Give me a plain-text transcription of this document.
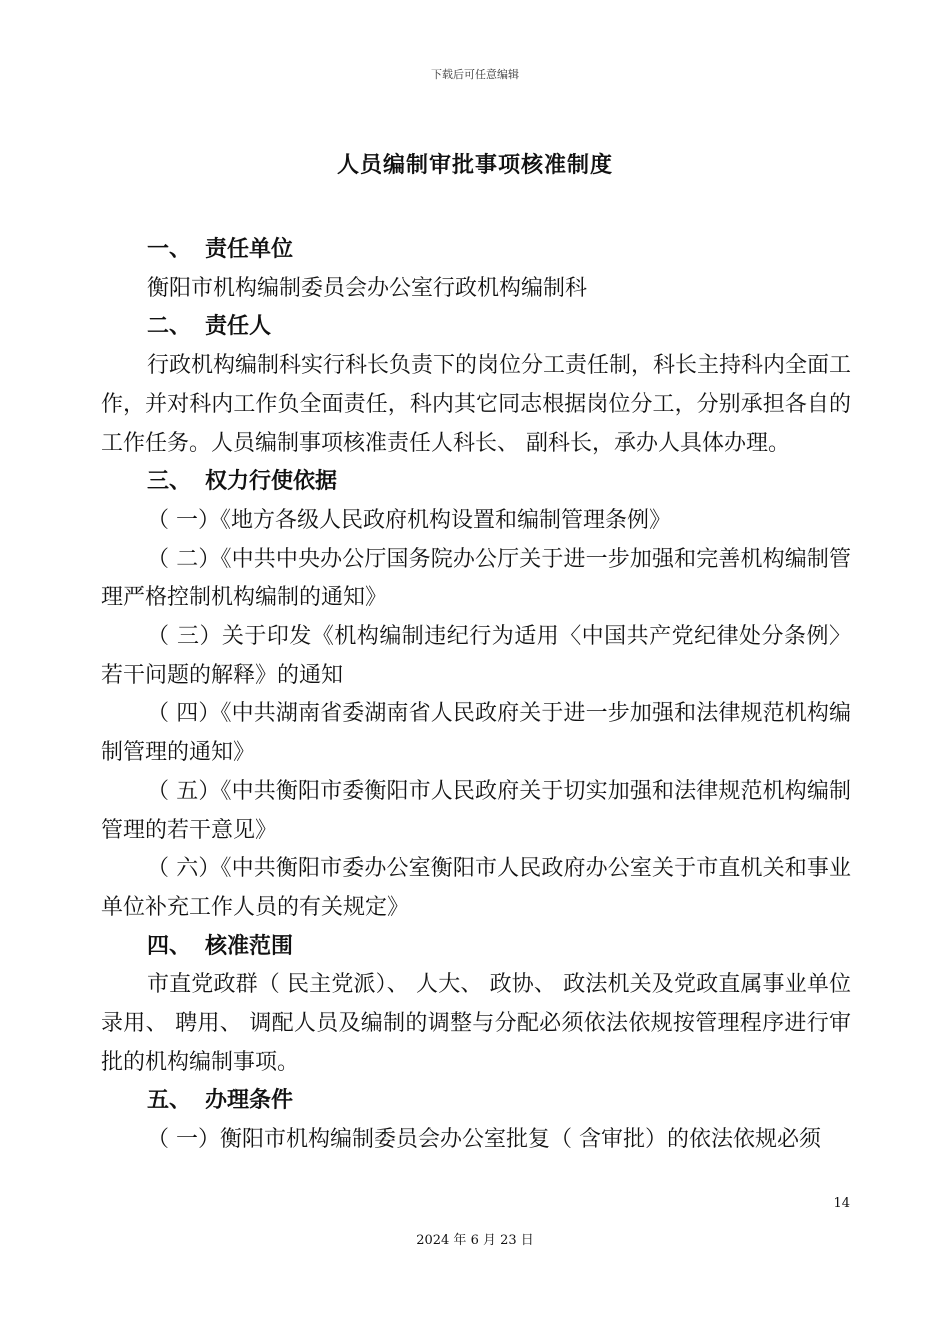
下载后可任意编辑
人员编制审批事项核准制度

一、 责任单位

衡阳市机构编制委员会办公室行政机构编制科

二、 责任人

行政机构编制科实行科长负责下的岗位分工责任制，科长主持科内全面工作，并对科内工作负全面责任，科内其它同志根据岗位分工，分别承担各自的工作任务。人员编制事项核准责任人科长、 副科长，承办人具体办理。

三、 权力行使依据

（ 一）《地方各级人民政府机构设置和编制管理条例》

（ 二）《中共中央办公厅国务院办公厅关于进一步加强和完善机构编制管理严格控制机构编制的通知》

（ 三）关于印发《机构编制违纪行为适用〈中国共产党纪律处分条例〉若干问题的解释》的通知

（ 四）《中共湖南省委湖南省人民政府关于进一步加强和法律规范机构编制管理的通知》

（ 五）《中共衡阳市委衡阳市人民政府关于切实加强和法律规范机构编制管理的若干意见》

（ 六）《中共衡阳市委办公室衡阳市人民政府办公室关于市直机关和事业单位补充工作人员的有关规定》

四、 核准范围

市直党政群（ 民主党派）、 人大、 政协、 政法机关及党政直属事业单位录用、 聘用、 调配人员及编制的调整与分配必须依法依规按管理程序进行审批的机构编制事项。

五、 办理条件

（ 一）衡阳市机构编制委员会办公室批复（ 含审批）的依法依规必须

14
2024 年 6 月 23 日
